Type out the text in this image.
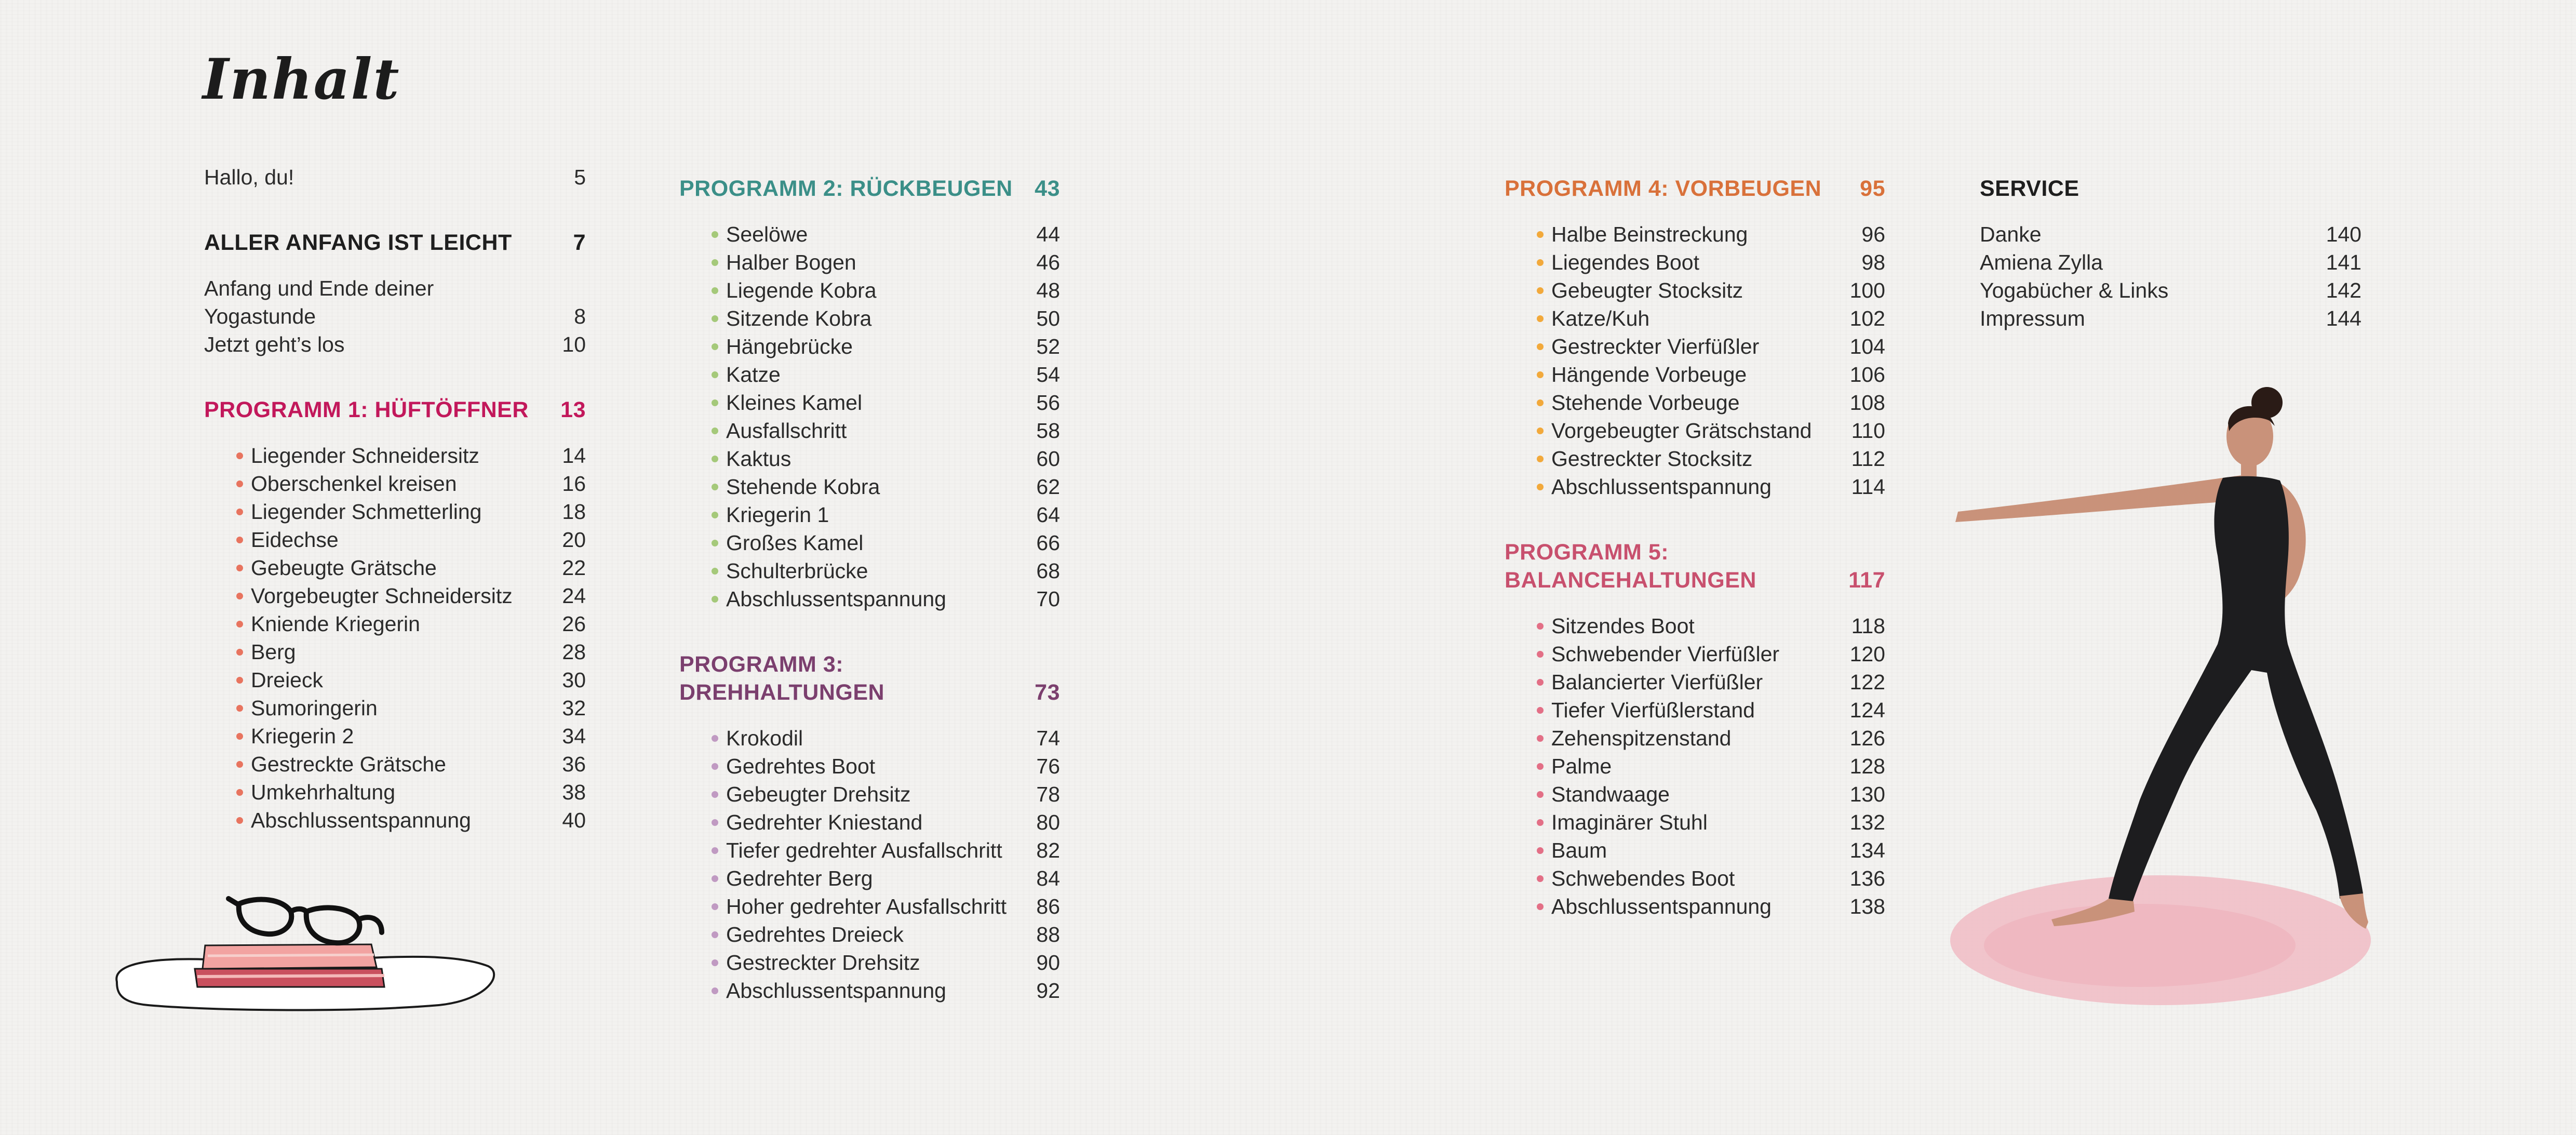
Inhalt
Hallo, du!	5
ALLER ANFANG IST LEICHT	7
Anfang und Ende deiner
Yogastunde	8
Jetzt geht’s los	10
PROGRAMM 1: HÜFTÖFFNER 13
Liegender Schneidersitz	14
Oberschenkel kreisen	16
Liegender Schmetterling	18
Eidechse	20
Gebeugte Grätsche	22
Vorgebeugter Schneidersitz 24
Kniende Kriegerin	26
Berg	28
Dreieck	30
Sumoringerin	32
Kriegerin 2	34
Gestreckte Grätsche	36
Umkehrhaltung	38
Abschlussentspannung	40
PROGRAMM 2: RÜCKBEUGEN 43
Seelöwe	44
Halber Bogen	46
Liegende Kobra	48
Sitzende Kobra	50
Hängebrücke	52
Katze	54
Kleines Kamel	56
Ausfallschritt	58
Kaktus	60
Stehende Kobra	62
Kriegerin 1	64
Großes Kamel	66
Schulterbrücke	68
Abschlussentspannung	70
PROGRAMM 3:
DREHHALTUNGEN	73
Krokodil	74
Gedrehtes Boot	76
Gebeugter Drehsitz	78
Gedrehter Kniestand	80
Tiefer gedrehter Ausfallschritt 82
Gedrehter Berg	84
Hoher gedrehter Ausfallschritt 86
Gedrehtes Dreieck	88
Gestreckter Drehsitz	90
Abschlussentspannung	92
PROGRAMM 4: VORBEUGEN 95
Halbe Beinstreckung	96
Liegendes Boot	98
Gebeugter Stocksitz	100
Katze/Kuh	102
Gestreckter Vierfüßler	104
Hängende Vorbeuge	106
Stehende Vorbeuge	108
Vorgebeugter Grätschstand 110
Gestreckter Stocksitz	112
Abschlussentspannung	114
PROGRAMM 5:
BALANCEHALTUNGEN	117
Sitzendes Boot	118
Schwebender Vierfüßler	120
Balancierter Vierfüßler	122
Tiefer Vierfüßlerstand	124
Zehenspitzenstand	126
Palme	128
Standwaage	130
Imaginärer Stuhl	132
Baum	134
Schwebendes Boot	136
Abschlussentspannung	138
SERVICE
Danke	140
Amiena Zylla	141
Yogabücher & Links	142
Impressum	144
